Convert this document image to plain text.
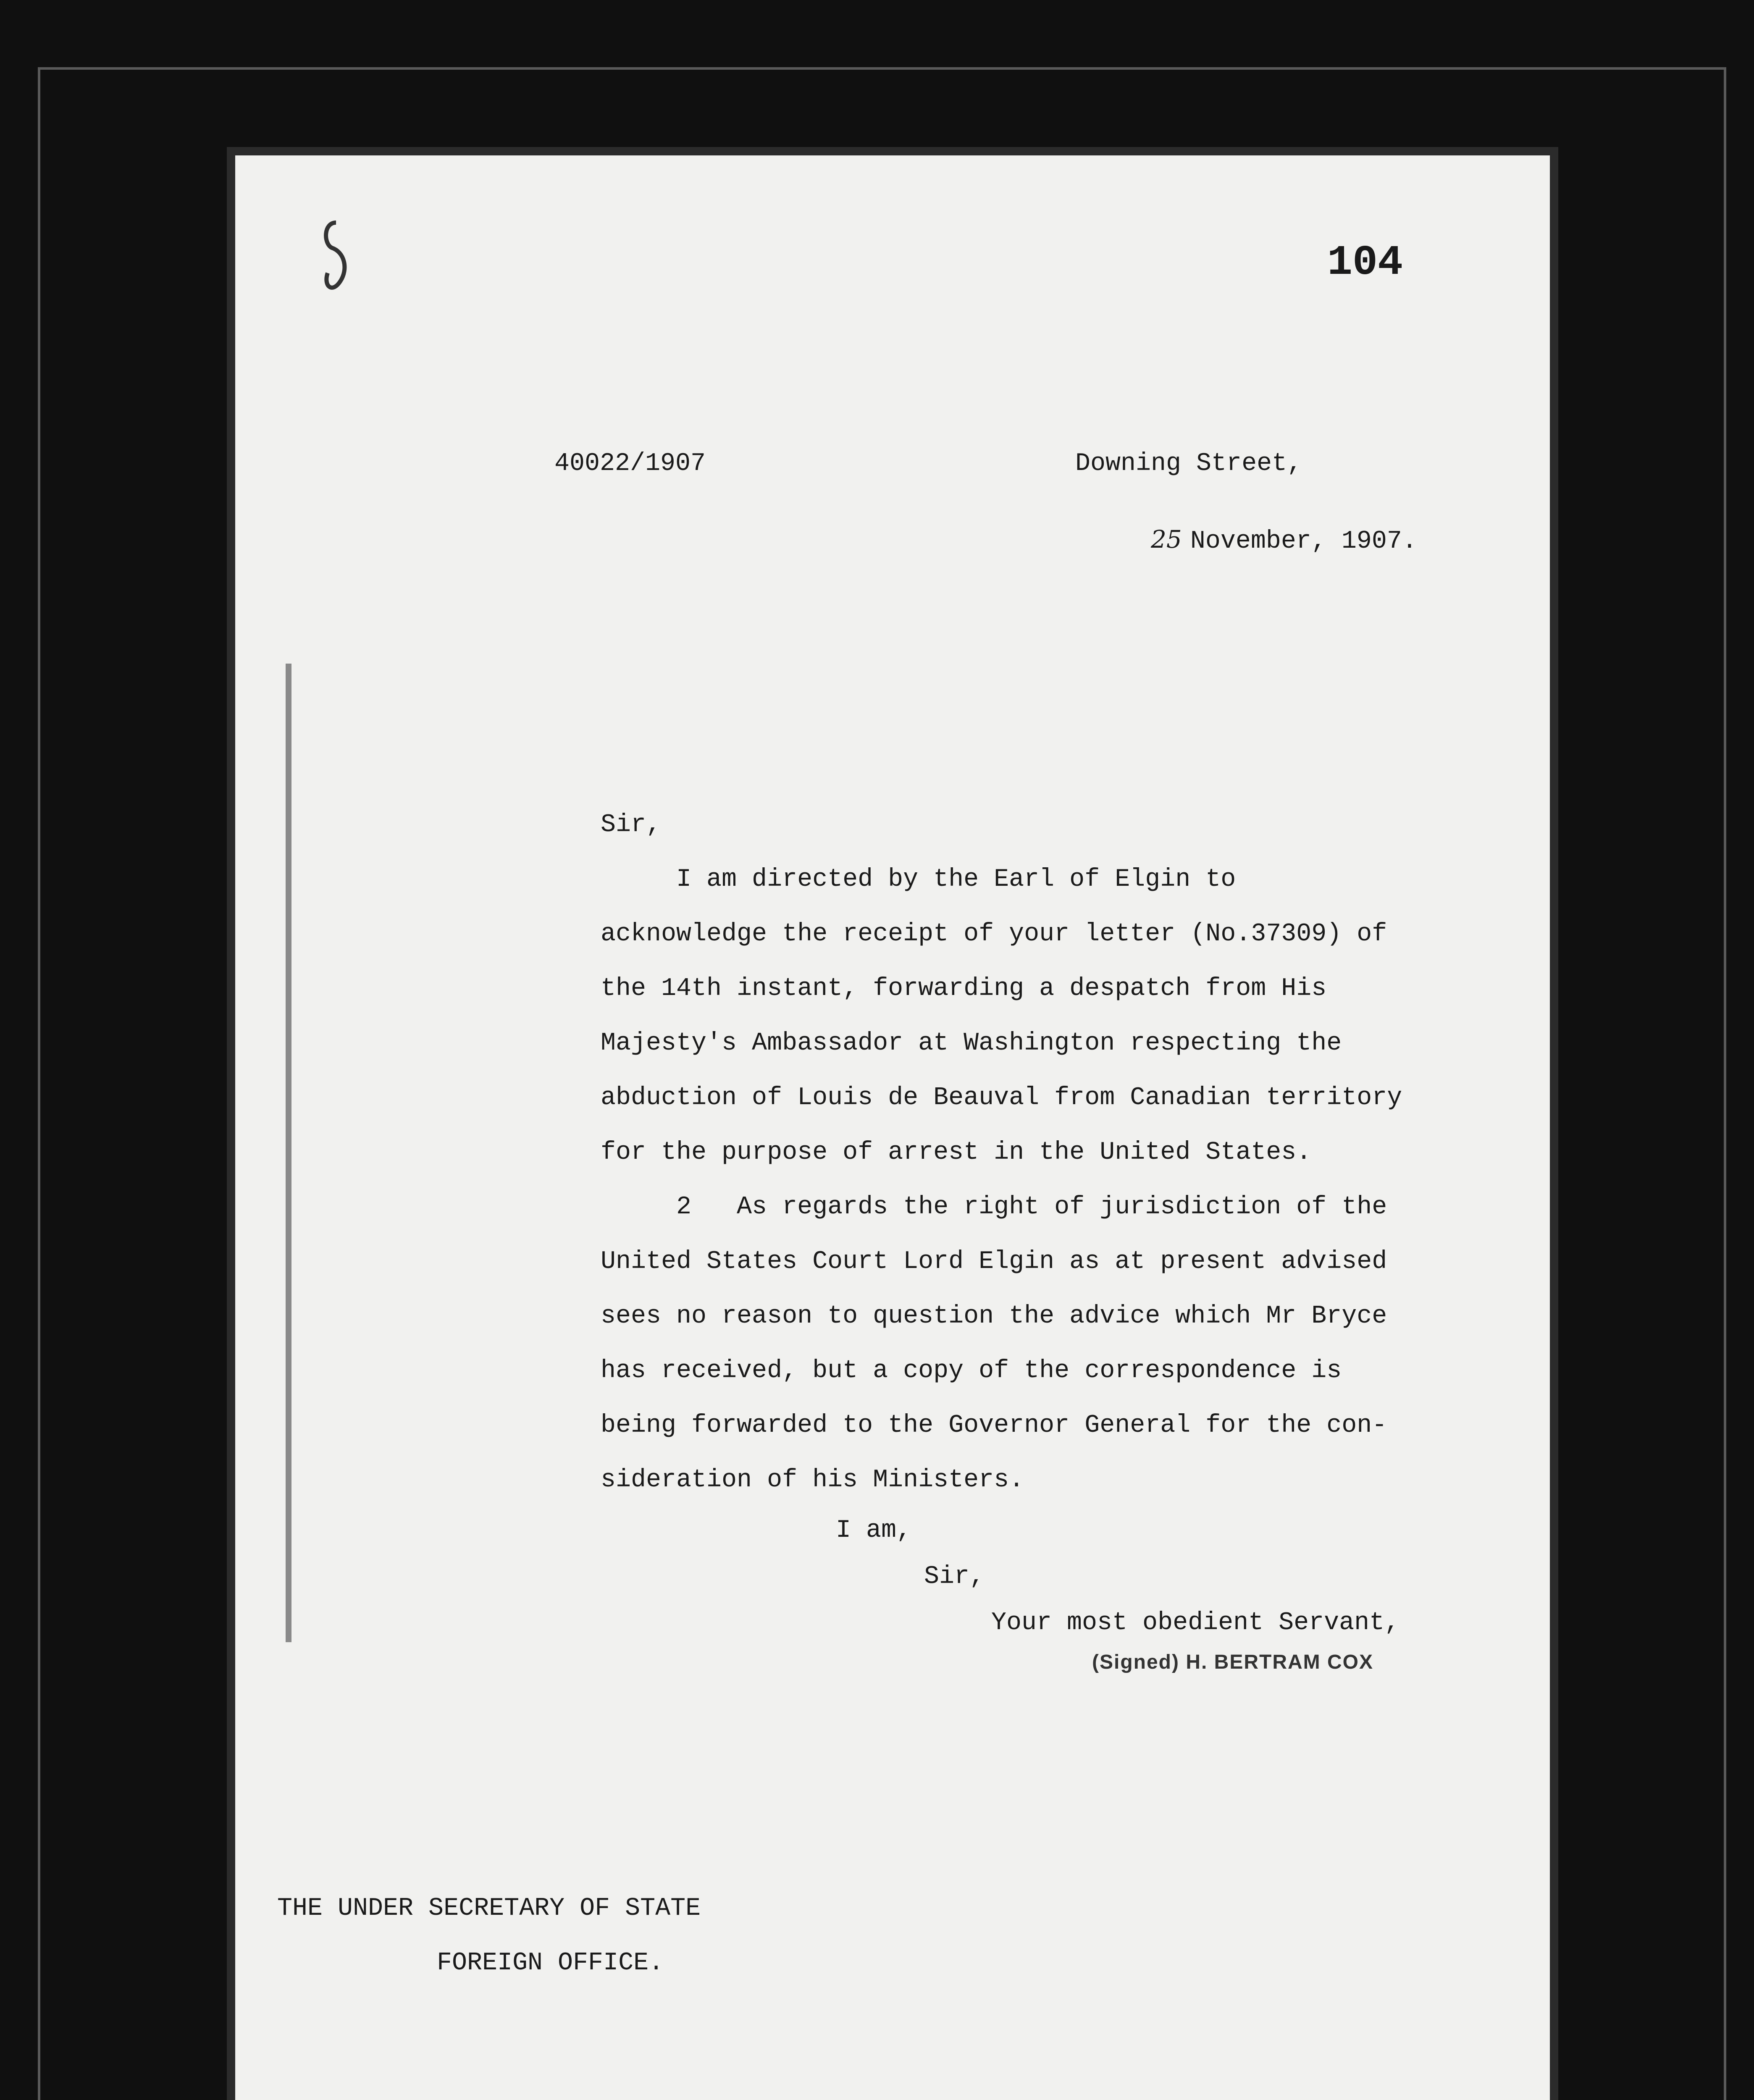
104
40022/1907	Downing Street,
25 November, 1907.
Sir,
I am directed by the Earl of Elgin to
acknowledge the receipt of your letter (No.37309) of
the 14th instant, forwarding a despatch from His
Majesty's Ambassador at Washington respecting the
abduction of Louis de Beauval from Canadian territory
for the purpose of arrest in the United States.
2   As regards the right of jurisdiction of the
United States Court Lord Elgin as at present advised
sees no reason to question the advice which Mr Bryce
has received, but a copy of the correspondence is
being forwarded to the Governor General for the con-
sideration of his Ministers.
I am,
Sir,
Your most obedient Servant,
(Signed) H. BERTRAM COX
THE UNDER SECRETARY OF STATE
FOREIGN OFFICE.
